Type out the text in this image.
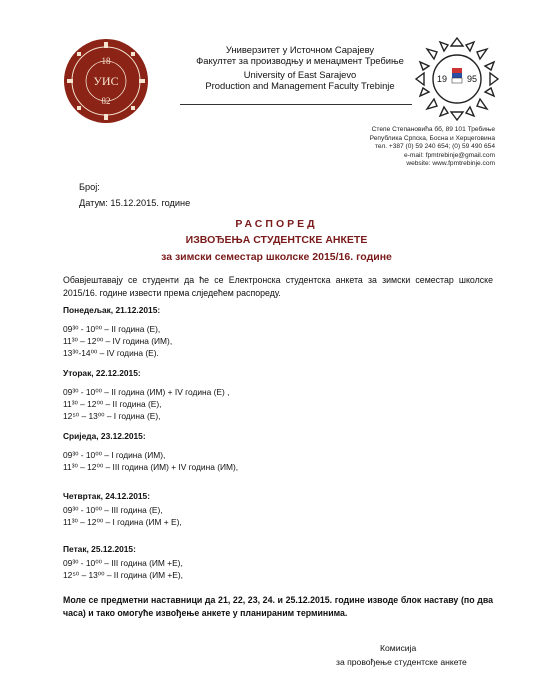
18
УИС
82
Универзитет у Источном Сарајеву
Факултет за производњу и менаџмент Требиње
University of East Sarajevo
Production and Management Faculty Trebinje
19 95
Степе Степановића бб, 89 101 Требиње
Република Српска, Босна и Херцеговина
тел. +387 (0) 59 240 654; (0) 59 490 654
e-mail: fpmtrebinje@gmail.com
website: www.fpmtrebinje.com
Број:
Датум: 15.12.2015. године
РАСПОРЕД
ИЗВОЂЕЊА СТУДЕНТСКЕ АНКЕТЕ
за зимски семестар школске 2015/16. године
Обавјештавају се студенти да ће се Електронска студентска анкета за зимски семестар школске 2015/16. године извести према слједећем распореду.
Понедељак, 21.12.2015:
09³⁰ - 10⁰⁰ – II година (Е),
11³⁰ – 12⁰⁰ – IV година (ИМ),
13³⁰-14⁰⁰ – IV година (Е).
Уторак, 22.12.2015:
09³⁰ - 10⁰⁰ – II година (ИМ) + IV година (Е) ,
11³⁰ – 12⁰⁰ – II година (Е),
12⁵⁰ – 13⁰⁰ – I година (Е),
Сриједа, 23.12.2015:
09³⁰ - 10⁰⁰ – I година (ИМ),
11³⁰ – 12⁰⁰ – III година (ИМ) + IV година (ИМ),
Четвртак, 24.12.2015:
09³⁰ - 10⁰⁰ – III година (Е),
11³⁰ – 12⁰⁰ – I година (ИМ + Е),
Петак, 25.12.2015:
09³⁰ - 10⁰⁰ – III година (ИМ +Е),
12⁵⁰ – 13⁰⁰ – II година (ИМ +Е),
Моле се предметни наставници да 21, 22, 23, 24. и 25.12.2015. године изводе блок наставу (по два часа) и тако омогуће извођење анкете у планираним терминима.
Комисија
за провођење студентске анкете
